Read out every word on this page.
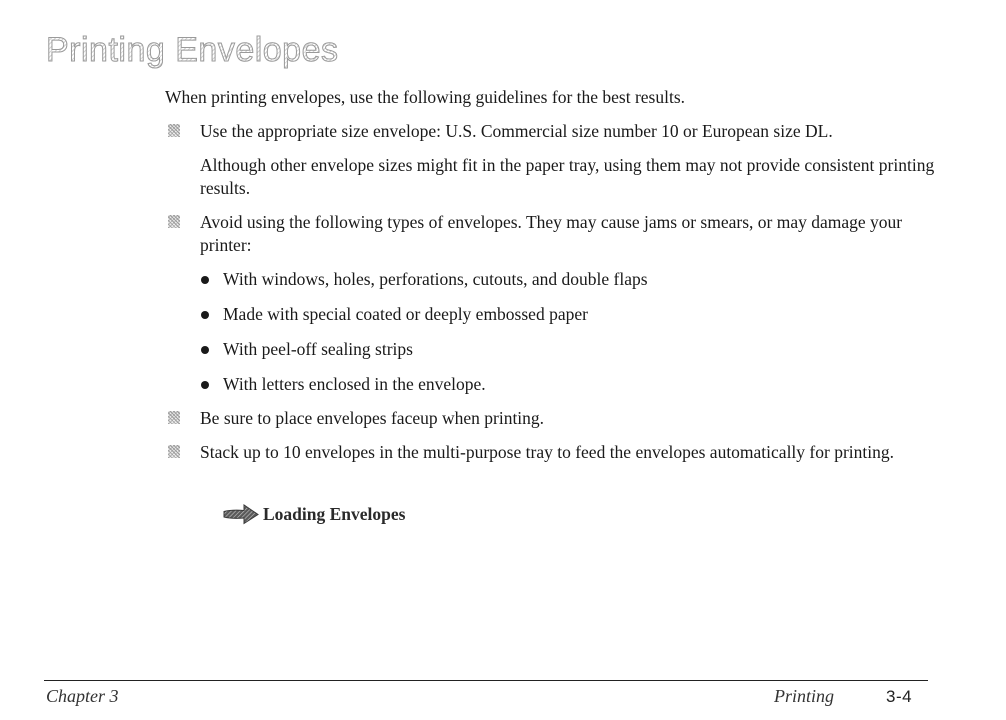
Printing Envelopes

When printing envelopes, use the following guidelines for the best results.

Use the appropriate size envelope: U.S. Commercial size number 10 or European size DL.

Although other envelope sizes might fit in the paper tray, using them may not provide consistent printing results.

Avoid using the following types of envelopes. They may cause jams or smears, or may damage your printer:

With windows, holes, perforations, cutouts, and double flaps
Made with special coated or deeply embossed paper
With peel-off sealing strips
With letters enclosed in the envelope.

Be sure to place envelopes faceup when printing.

Stack up to 10 envelopes in the multi-purpose tray to feed the envelopes automatically for printing.

Loading Envelopes
Chapter 3	Printing	3-4
